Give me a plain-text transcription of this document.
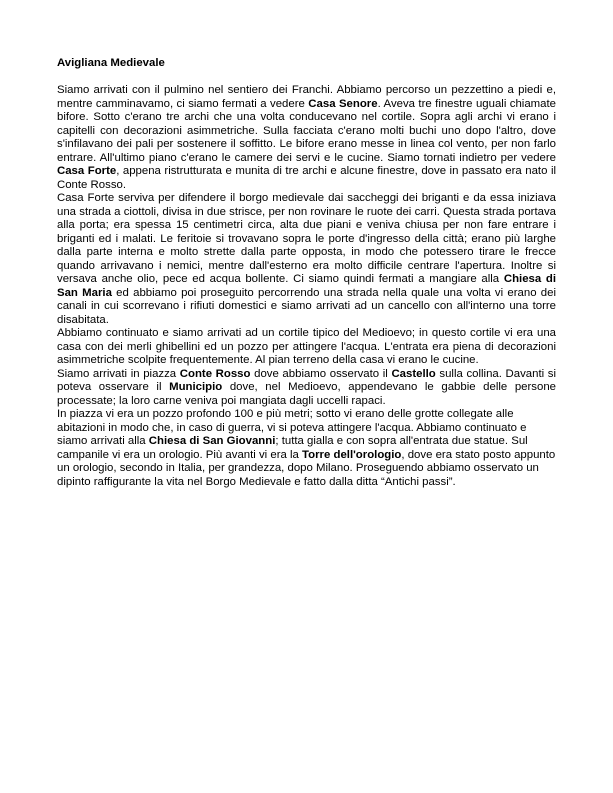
Avigliana Medievale

Siamo arrivati con il pulmino nel sentiero dei Franchi. Abbiamo percorso un pezzettino a piedi e, mentre camminavamo, ci siamo fermati a vedere Casa Senore. Aveva tre finestre uguali chiamate bifore. Sotto c'erano tre archi che una volta conducevano nel cortile. Sopra agli archi vi erano i capitelli con decorazioni asimmetriche. Sulla facciata c'erano molti buchi uno dopo l'altro, dove s'infilavano dei pali per sostenere il soffitto. Le bifore erano messe in linea col vento, per non farlo entrare. All'ultimo piano c'erano le camere dei servi e le cucine. Siamo tornati indietro per vedere Casa Forte, appena ristrutturata e munita di tre archi e alcune finestre, dove in passato era nato il Conte Rosso.

Casa Forte serviva per difendere il borgo medievale dai saccheggi dei briganti e da essa iniziava una strada a ciottoli, divisa in due strisce, per non rovinare le ruote dei carri. Questa strada portava alla porta; era spessa 15 centimetri circa, alta due piani e veniva chiusa per non fare entrare i briganti ed i malati. Le feritoie si trovavano sopra le porte d'ingresso della città; erano più larghe dalla parte interna e molto strette dalla parte opposta, in modo che potessero tirare le frecce quando arrivavano i nemici, mentre dall'esterno era molto difficile centrare l'apertura. Inoltre si versava anche olio, pece ed acqua bollente. Ci siamo quindi fermati a mangiare alla Chiesa di San Maria ed abbiamo poi proseguito percorrendo una strada nella quale una volta vi erano dei canali in cui scorrevano i rifiuti domestici e siamo arrivati ad un cancello con all'interno una torre disabitata.

Abbiamo continuato e siamo arrivati ad un cortile tipico del Medioevo; in questo cortile vi era una casa con dei merli ghibellini ed un pozzo per attingere l'acqua. L'entrata era piena di decorazioni asimmetriche scolpite frequentemente. Al pian terreno della casa vi erano le cucine.

Siamo arrivati in piazza Conte Rosso dove abbiamo osservato il Castello sulla collina. Davanti si poteva osservare il Municipio dove, nel Medioevo, appendevano le gabbie delle persone processate; la loro carne veniva poi mangiata dagli uccelli rapaci.

In piazza vi era un pozzo profondo 100 e più metri; sotto vi erano delle grotte collegate alle abitazioni in modo che, in caso di guerra, vi si poteva attingere l'acqua. Abbiamo continuato e siamo arrivati alla Chiesa di San Giovanni; tutta gialla e con sopra all'entrata due statue. Sul campanile vi era un orologio. Più avanti vi era la Torre dell'orologio, dove era stato posto appunto un orologio, secondo in Italia, per grandezza, dopo Milano. Proseguendo abbiamo osservato un dipinto raffigurante la vita nel Borgo Medievale e fatto dalla ditta “Antichi passi”.
